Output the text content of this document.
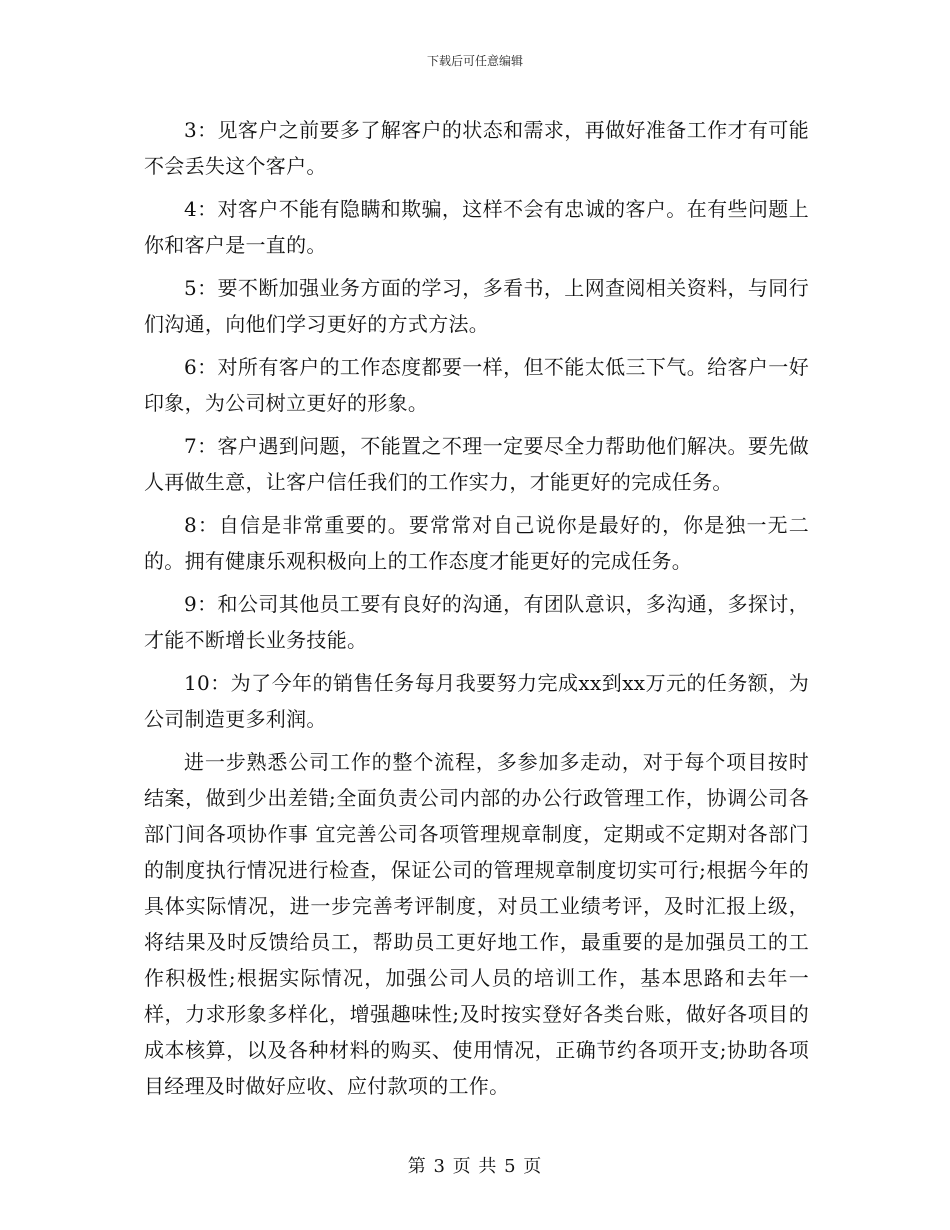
下载后可任意编辑

3：见客户之前要多了解客户的状态和需求，再做好准备工作才有可能不会丢失这个客户。

4：对客户不能有隐瞒和欺骗，这样不会有忠诚的客户。在有些问题上你和客户是一直的。

5：要不断加强业务方面的学习，多看书，上网查阅相关资料，与同行们沟通，向他们学习更好的方式方法。

6：对所有客户的工作态度都要一样，但不能太低三下气。给客户一好印象，为公司树立更好的形象。

7：客户遇到问题，不能置之不理一定要尽全力帮助他们解决。要先做人再做生意，让客户信任我们的工作实力，才能更好的完成任务。

8：自信是非常重要的。要常常对自己说你是最好的，你是独一无二的。拥有健康乐观积极向上的工作态度才能更好的完成任务。

9：和公司其他员工要有良好的沟通，有团队意识，多沟通，多探讨，才能不断增长业务技能。

10：为了今年的销售任务每月我要努力完成xx到xx万元的任务额，为公司制造更多利润。

进一步熟悉公司工作的整个流程，多参加多走动，对于每个项目按时结案，做到少出差错;全面负责公司内部的办公行政管理工作，协调公司各部门间各项协作事 宜完善公司各项管理规章制度，定期或不定期对各部门的制度执行情况进行检查，保证公司的管理规章制度切实可行;根据今年的具体实际情况，进一步完善考评制度，对员工业绩考评，及时汇报上级，将结果及时反馈给员工，帮助员工更好地工作，最重要的是加强员工的工作积极性;根据实际情况，加强公司人员的培训工作，基本思路和去年一样，力求形象多样化，增强趣味性;及时按实登好各类台账，做好各项目的成本核算，以及各种材料的购买、使用情况，正确节约各项开支;协助各项目经理及时做好应收、应付款项的工作。

第 3 页 共 5 页
